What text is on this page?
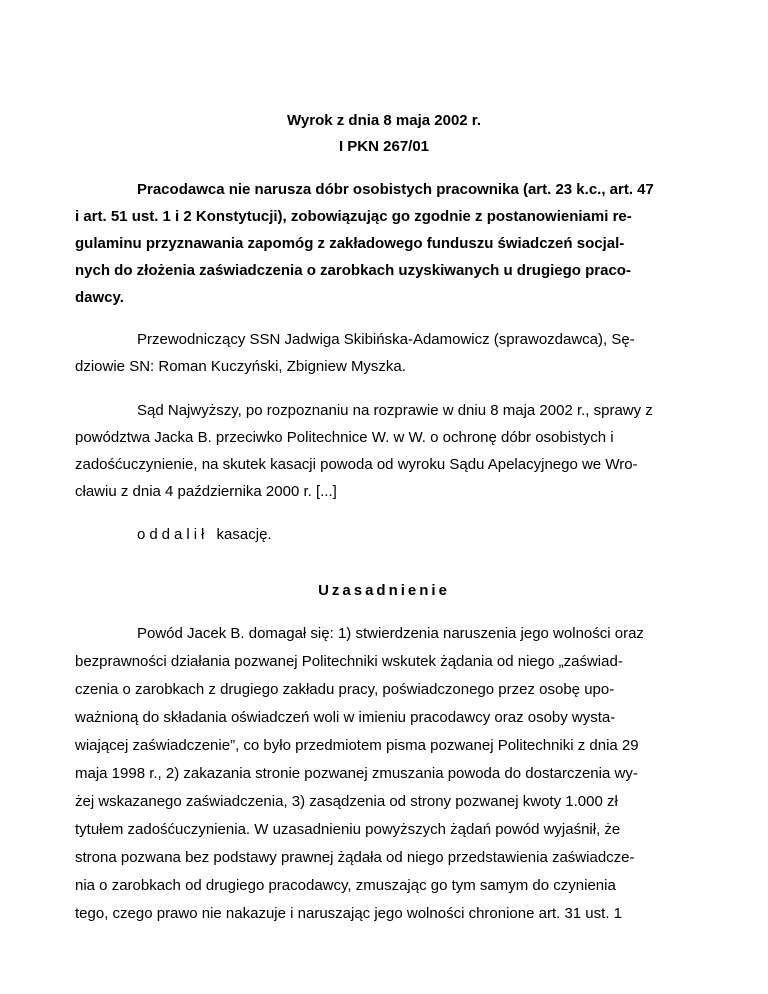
Wyrok z dnia 8 maja 2002 r.
I PKN 267/01
Pracodawca nie narusza dóbr osobistych pracownika (art. 23 k.c., art. 47
i art. 51 ust. 1 i 2 Konstytucji), zobowiązując go zgodnie z postanowieniami re-
gulaminu przyznawania zapomóg z zakładowego funduszu świadczeń socjal-
nych do złożenia zaświadczenia o zarobkach uzyskiwanych u drugiego praco-
dawcy.
Przewodniczący SSN Jadwiga Skibińska-Adamowicz (sprawozdawca), Sę-
dziowie SN: Roman Kuczyński, Zbigniew Myszka.
Sąd Najwyższy, po rozpoznaniu na rozprawie w dniu 8 maja 2002 r., sprawy z
powództwa Jacka B. przeciwko Politechnice W. w W. o ochronę dóbr osobistych i
zadośćuczynienie, na skutek kasacji powoda od wyroku Sądu Apelacyjnego we Wro-
cławiu z dnia 4 października 2000 r. [...]
oddalił kasację.
Uzasadnienie
Powód Jacek B. domagał się: 1) stwierdzenia naruszenia jego wolności oraz
bezprawności działania pozwanej Politechniki wskutek żądania od niego „zaświad-
czenia o zarobkach z drugiego zakładu pracy, poświadczonego przez osobę upo-
ważnioną do składania oświadczeń woli w imieniu pracodawcy oraz osoby wysta-
wiającej zaświadczenie”, co było przedmiotem pisma pozwanej Politechniki z dnia 29
maja 1998 r., 2) zakazania stronie pozwanej zmuszania powoda do dostarczenia wy-
żej wskazanego zaświadczenia, 3) zasądzenia od strony pozwanej kwoty 1.000 zł
tytułem zadośćuczynienia. W uzasadnieniu powyższych żądań powód wyjaśnił, że
strona pozwana bez podstawy prawnej żądała od niego przedstawienia zaświadcze-
nia o zarobkach od drugiego pracodawcy, zmuszając go tym samym do czynienia
tego, czego prawo nie nakazuje i naruszając jego wolności chronione art. 31 ust. 1
